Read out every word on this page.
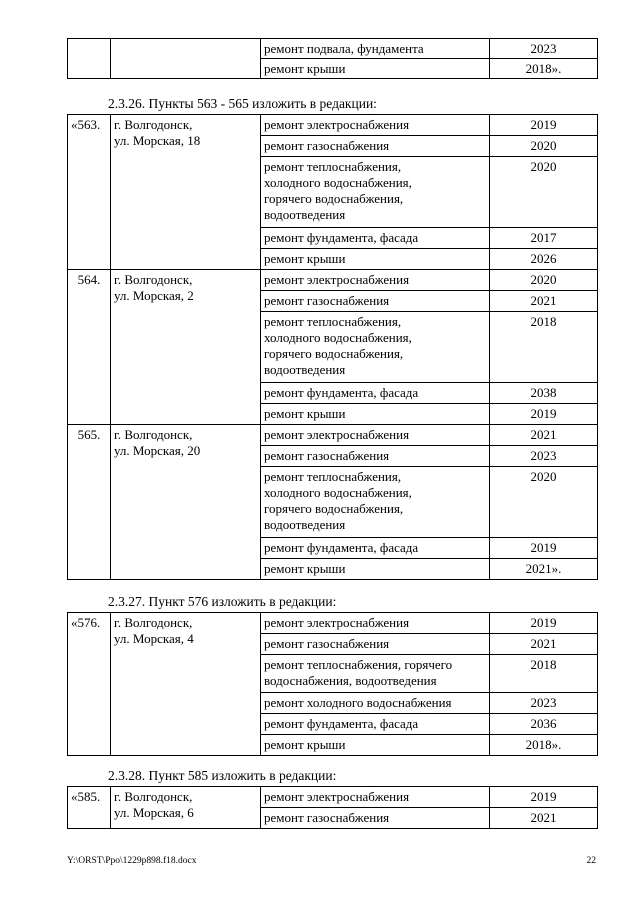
		ремонт подвала, фундамента	2023
		ремонт крыши	2018».
2.3.26. Пункты 563 - 565 изложить в редакции:
«563.	г. Волгодонск,
ул. Морская, 18	ремонт электроснабжения	2019
		ремонт газоснабжения	2020
		ремонт теплоснабжения,
холодного водоснабжения,
горячего водоснабжения,
водоотведения	2020
		ремонт фундамента, фасада	2017
		ремонт крыши	2026
564.	г. Волгодонск,
ул. Морская, 2	ремонт электроснабжения	2020
		ремонт газоснабжения	2021
		ремонт теплоснабжения,
холодного водоснабжения,
горячего водоснабжения,
водоотведения	2018
		ремонт фундамента, фасада	2038
		ремонт крыши	2019
565.	г. Волгодонск,
ул. Морская, 20	ремонт электроснабжения	2021
		ремонт газоснабжения	2023
		ремонт теплоснабжения,
холодного водоснабжения,
горячего водоснабжения,
водоотведения	2020
		ремонт фундамента, фасада	2019
		ремонт крыши	2021».
2.3.27. Пункт 576 изложить в редакции:
«576.	г. Волгодонск,
ул. Морская, 4	ремонт электроснабжения	2019
		ремонт газоснабжения	2021
		ремонт теплоснабжения, горячего
водоснабжения, водоотведения	2018
		ремонт холодного водоснабжения	2023
		ремонт фундамента, фасада	2036
		ремонт крыши	2018».
2.3.28. Пункт 585 изложить в редакции:
«585.	г. Волгодонск,
ул. Морская, 6	ремонт электроснабжения	2019
		ремонт газоснабжения	2021
Y:\ORST\Ppo\1229p898.f18.docx	22
